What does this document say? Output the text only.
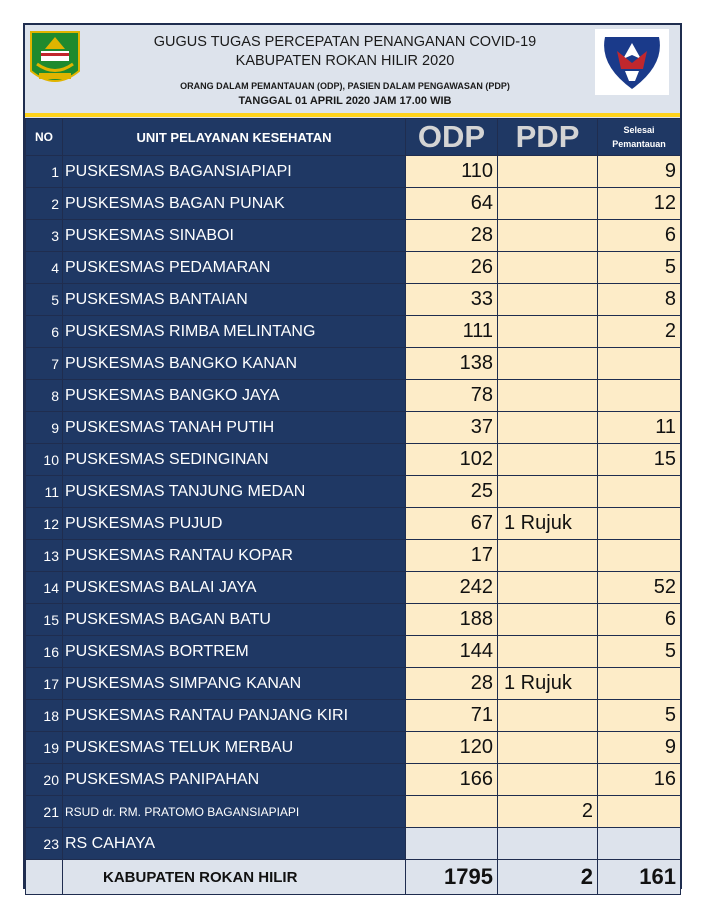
GUGUS TUGAS PERCEPATAN PENANGANAN COVID-19
KABUPATEN ROKAN HILIR 2020
ORANG DALAM PEMANTAUAN (ODP), PASIEN DALAM PENGAWASAN (PDP)
TANGGAL 01 APRIL 2020 JAM 17.00 WIB
NO	UNIT PELAYANAN KESEHATAN	ODP	PDP	Selesai
Pemantauan

1	PUSKESMAS BAGANSIAPIAPI	110		9
2	PUSKESMAS BAGAN PUNAK	64		12
3	PUSKESMAS SINABOI	28		6
4	PUSKESMAS PEDAMARAN	26		5
5	PUSKESMAS BANTAIAN	33		8
6	PUSKESMAS RIMBA MELINTANG	111		2
7	PUSKESMAS BANGKO KANAN	138		
8	PUSKESMAS BANGKO JAYA	78		
9	PUSKESMAS TANAH PUTIH	37		11
10	PUSKESMAS SEDINGINAN	102		15
11	PUSKESMAS TANJUNG MEDAN	25		
12	PUSKESMAS PUJUD	67	1 Rujuk	
13	PUSKESMAS RANTAU KOPAR	17		
14	PUSKESMAS BALAI JAYA	242		52
15	PUSKESMAS BAGAN BATU	188		6
16	PUSKESMAS BORTREM	144		5
17	PUSKESMAS SIMPANG KANAN	28	1 Rujuk	
18	PUSKESMAS RANTAU PANJANG KIRI	71		5
19	PUSKESMAS TELUK MERBAU	120		9
20	PUSKESMAS PANIPAHAN	166		16
21	RSUD dr. RM. PRATOMO BAGANSIAPIAPI		2	
23	RS CAHAYA			
	KABUPATEN ROKAN HILIR	1795	2	161
